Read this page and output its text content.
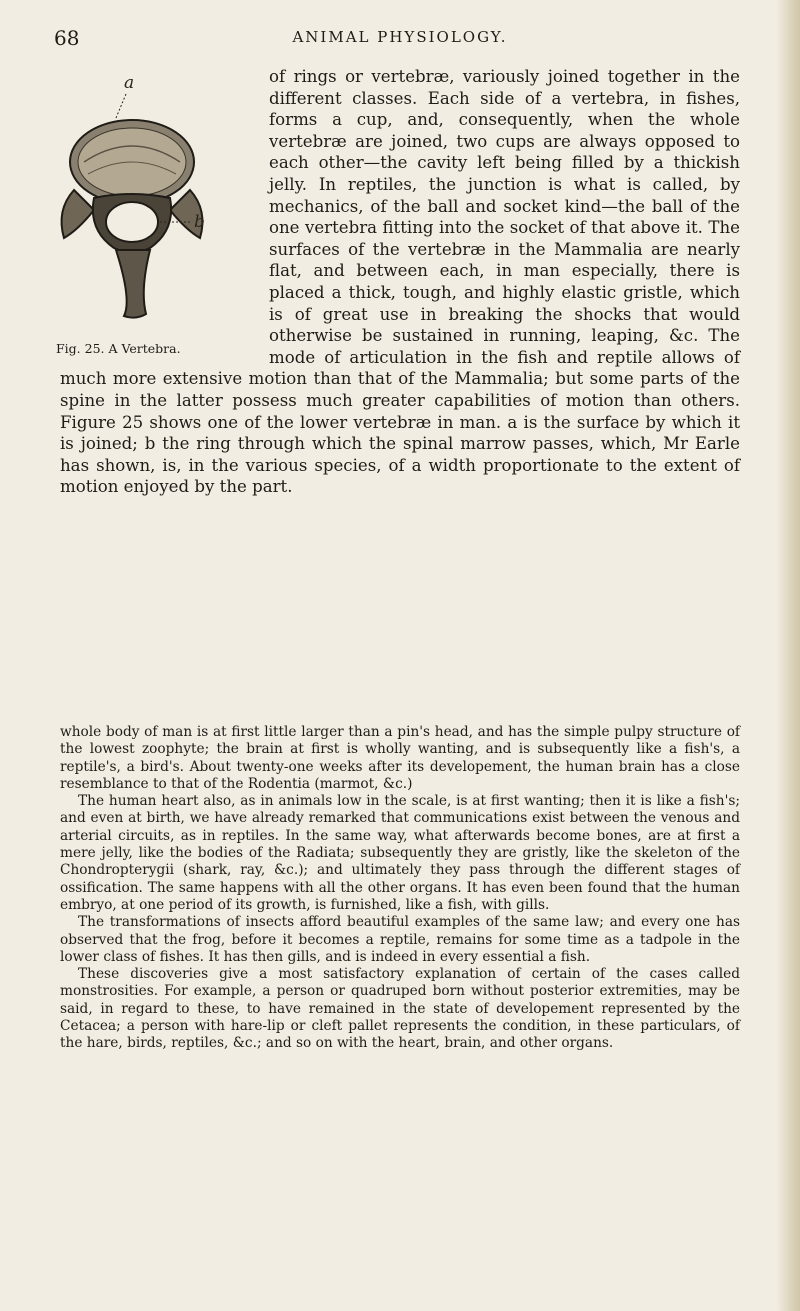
68	ANIMAL PHYSIOLOGY.
a
b
Fig. 25. A Vertebra.
of rings or vertebræ, variously joined together in the different classes. Each side of a vertebra, in fishes, forms a cup, and, consequently, when the whole vertebræ are joined, two cups are always opposed to each other—the cavity left being filled by a thickish jelly. In reptiles, the junction is what is called, by mechanics, of the ball and socket kind—the ball of the one vertebra fitting into the socket of that above it. The surfaces of the vertebræ in the Mammalia are nearly flat, and between each, in man especially, there is placed a thick, tough, and highly elastic gristle, which is of great use in breaking the shocks that would otherwise be sustained in running, leaping, &c. The mode of articulation in the fish and reptile allows of much more extensive motion than that of the Mammalia; but some parts of the spine in the latter possess much greater capabilities of motion than others. Figure 25 shows one of the lower vertebræ in man. a is the surface by which it is joined; b the ring through which the spinal marrow passes, which, Mr Earle has shown, is, in the various species, of a width proportionate to the extent of motion enjoyed by the part.

whole body of man is at first little larger than a pin's head, and has the simple pulpy structure of the lowest zoophyte; the brain at first is wholly wanting, and is subsequently like a fish's, a reptile's, a bird's. About twenty-one weeks after its developement, the human brain has a close resemblance to that of the Rodentia (marmot, &c.)

The human heart also, as in animals low in the scale, is at first wanting; then it is like a fish's; and even at birth, we have already remarked that communications exist between the venous and arterial circuits, as in reptiles. In the same way, what afterwards become bones, are at first a mere jelly, like the bodies of the Radiata; subsequently they are gristly, like the skeleton of the Chondropterygii (shark, ray, &c.); and ultimately they pass through the different stages of ossification. The same happens with all the other organs. It has even been found that the human embryo, at one period of its growth, is furnished, like a fish, with gills.

The transformations of insects afford beautiful examples of the same law; and every one has observed that the frog, before it becomes a reptile, remains for some time as a tadpole in the lower class of fishes. It has then gills, and is indeed in every essential a fish.

These discoveries give a most satisfactory explanation of certain of the cases called monstrosities. For example, a person or quadruped born without posterior extremities, may be said, in regard to these, to have remained in the state of developement represented by the Cetacea; a person with hare-lip or cleft pallet represents the condition, in these particulars, of the hare, birds, reptiles, &c.; and so on with the heart, brain, and other organs.
